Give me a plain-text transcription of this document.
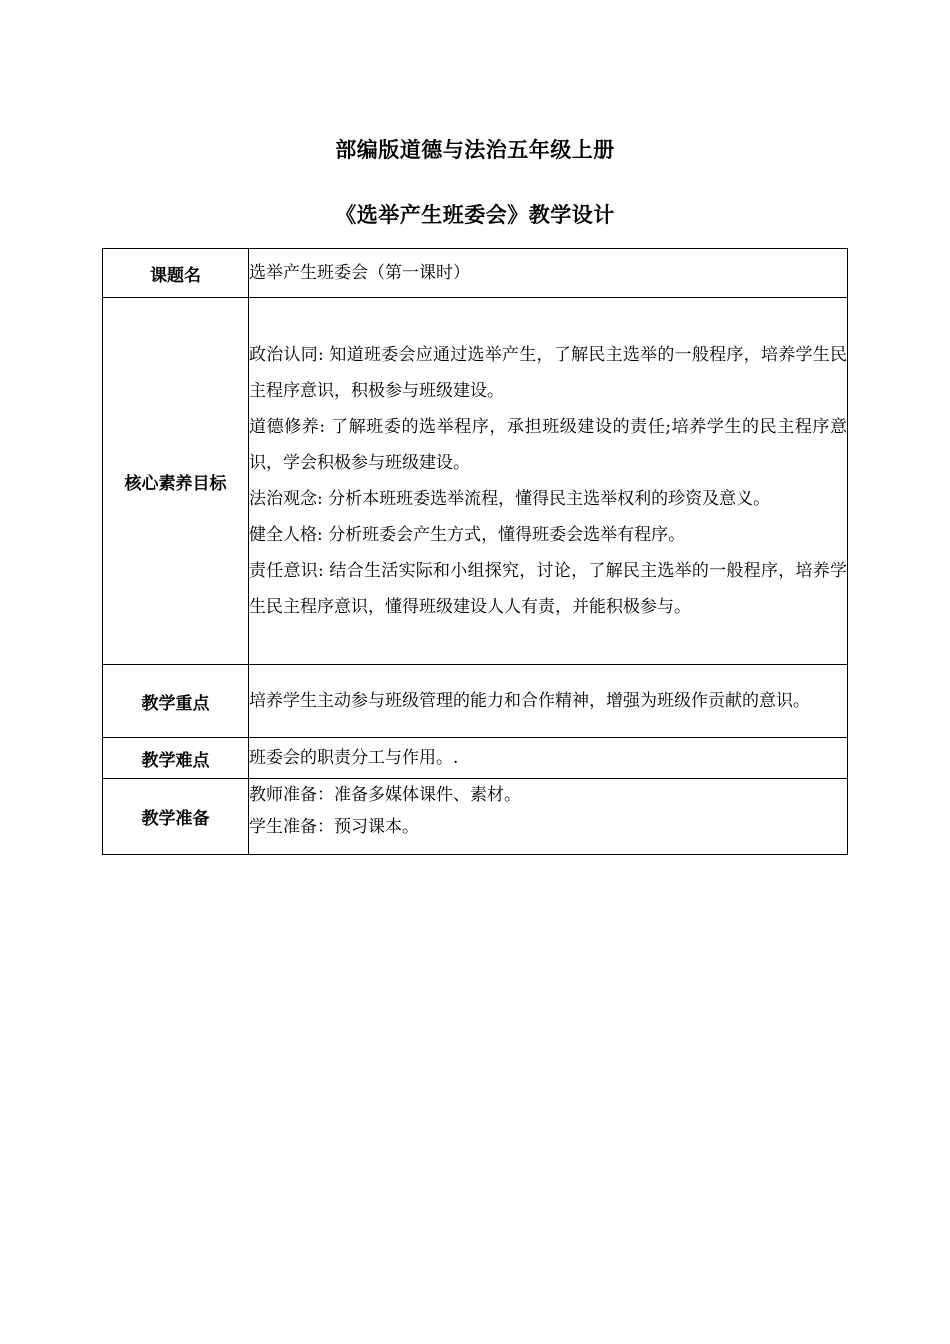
部编版道德与法治五年级上册
《选举产生班委会》教学设计
课题名	选举产生班委会（第一课时）
核心素养目标	政治认同: 知道班委会应通过选举产生，了解民主选举的一般程序，培养学生民主程序意识，积极参与班级建设。

道德修养: 了解班委的选举程序，承担班级建设的责任;培养学生的民主程序意识，学会积极参与班级建设。

法治观念: 分析本班班委选举流程，懂得民主选举权利的珍资及意义。

健全人格: 分析班委会产生方式，懂得班委会选举有程序。

责任意识: 结合生活实际和小组探究，讨论，了解民主选举的一般程序，培养学生民主程序意识，懂得班级建设人人有责，并能积极参与。

教学重点	培养学生主动参与班级管理的能力和合作精神，增强为班级作贡献的意识。
教学难点	班委会的职责分工与作用。.
教学准备	教师准备：准备多媒体课件、素材。

学生准备：预习课本。
